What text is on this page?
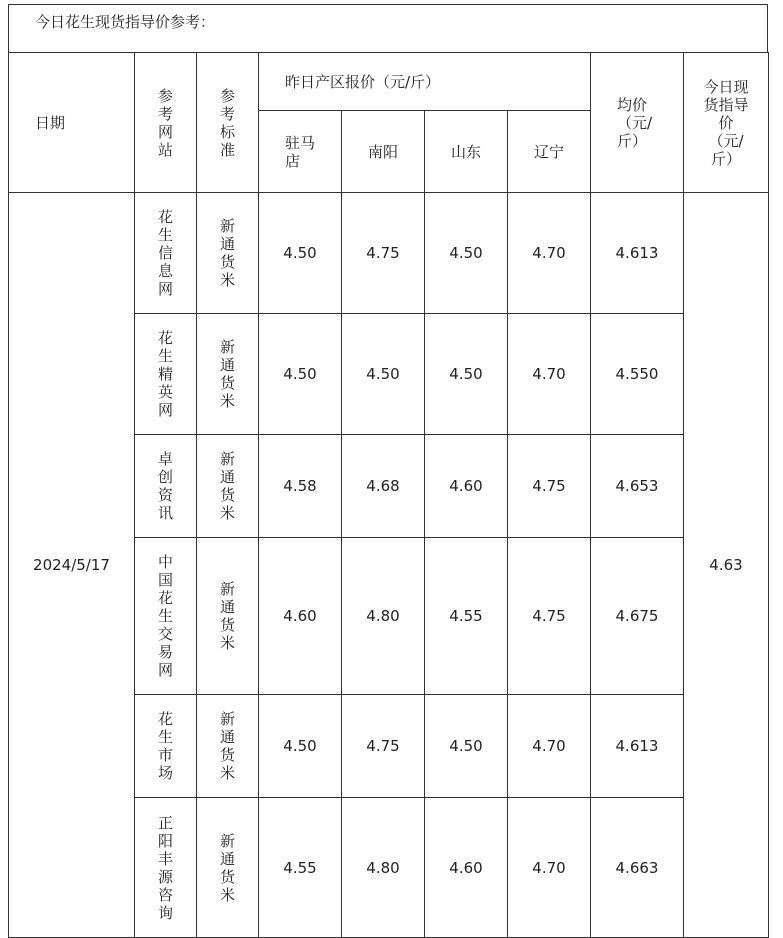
今日花生现货指导价参考：
日期	参考网站	参考标准	昨日产区报价（元/斤）				均价（元/斤）	今日现货指导价（元/斤）

			驻马店	南阳	山东	辽宁		
2024/5/17	花生信息网	新通货米	4.50	4.75	4.50	4.70	4.613	4.63

	花生精英网	新通货米	4.50	4.50	4.50	4.70	4.550	

	卓创资讯	新通货米	4.58	4.68	4.60	4.75	4.653	

	中国花生交易网	新通货米	4.60	4.80	4.55	4.75	4.675	

	花生市场	新通货米	4.50	4.75	4.50	4.70	4.613	

	正阳丰源咨询	新通货米	4.55	4.80	4.60	4.70	4.663	
